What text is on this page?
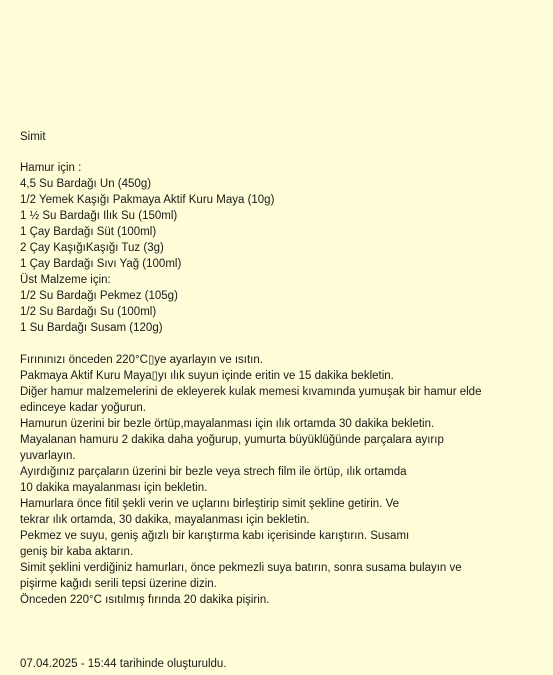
Simit
Hamur için :
4,5 Su Bardağı Un (450g)
1/2 Yemek Kaşığı Pakmaya Aktif Kuru Maya (10g)
1 ½ Su Bardağı Ilık Su (150ml)
1 Çay Bardağı Süt (100ml)
2 Çay KaşığıKaşığı Tuz (3g)
1 Çay Bardağı Sıvı Yağ (100ml)
Üst Malzeme için:
1/2 Su Bardağı Pekmez (105g)
1/2 Su Bardağı Su (100ml)
1 Su Bardağı Susam (120g)
Fırınınızı önceden 220°C▯ye ayarlayın ve ısıtın.
Pakmaya Aktif Kuru Maya▯yı ılık suyun içinde eritin ve 15 dakika bekletin.
Diğer hamur malzemelerini de ekleyerek kulak memesi kıvamında yumuşak bir hamur elde
edinceye kadar yoğurun.
Hamurun üzerini bir bezle örtüp,mayalanması için ılık ortamda 30 dakika bekletin.
Mayalanan hamuru 2 dakika daha yoğurup, yumurta büyüklüğünde parçalara ayırıp
yuvarlayın.
Ayırdığınız parçaların üzerini bir bezle veya strech film ile örtüp, ılık ortamda
10 dakika mayalanması için bekletin.
Hamurlara önce fitil şekli verin ve uçlarını birleştirip simit şekline getirin. Ve
tekrar ılık ortamda, 30 dakika, mayalanması için bekletin.
Pekmez ve suyu, geniş ağızlı bir karıştırma kabı içerisinde karıştırın. Susamı
geniş bir kaba aktarın.
Simit şeklini verdiğiniz hamurları, önce pekmezli suya batırın, sonra susama bulayın ve
pişirme kağıdı serili tepsi üzerine dizin.
Önceden 220°C ısıtılmış fırında 20 dakika pişirin.
07.04.2025 - 15:44 tarihinde oluşturuldu.
